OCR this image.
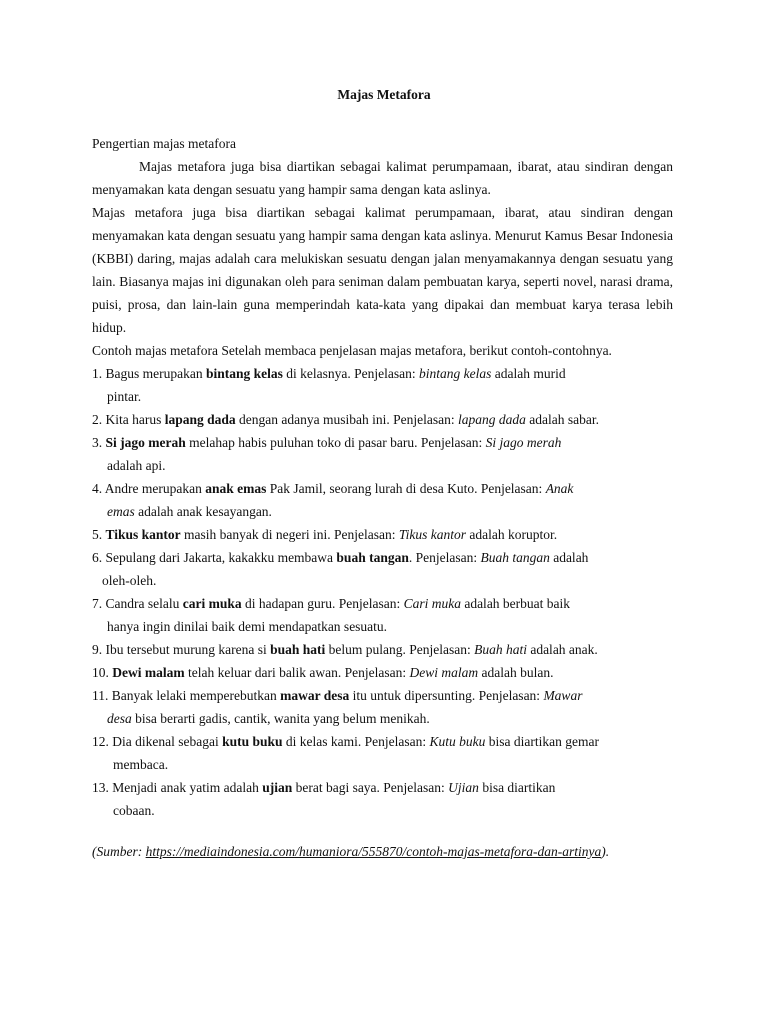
Majas Metafora

Pengertian majas metafora

Majas metafora juga bisa diartikan sebagai kalimat perumpamaan, ibarat, atau sindiran dengan menyamakan kata dengan sesuatu yang hampir sama dengan kata aslinya.

Majas metafora juga bisa diartikan sebagai kalimat perumpamaan, ibarat, atau sindiran dengan menyamakan kata dengan sesuatu yang hampir sama dengan kata aslinya. Menurut Kamus Besar Indonesia (KBBI) daring, majas adalah cara melukiskan sesuatu dengan jalan menyamakannya dengan sesuatu yang lain. Biasanya majas ini digunakan oleh para seniman dalam pembuatan karya, seperti novel, narasi drama, puisi, prosa, dan lain-lain guna memperindah kata-kata yang dipakai dan membuat karya terasa lebih hidup.

Contoh majas metafora Setelah membaca penjelasan majas metafora, berikut contoh-contohnya.

1. Bagus merupakan bintang kelas di kelasnya. Penjelasan: bintang kelas adalah murid

pintar.

2. Kita harus lapang dada dengan adanya musibah ini. Penjelasan: lapang dada adalah sabar.

3. Si jago merah melahap habis puluhan toko di pasar baru. Penjelasan: Si jago merah

adalah api.

4. Andre merupakan anak emas Pak Jamil, seorang lurah di desa Kuto. Penjelasan: Anak

emas adalah anak kesayangan.

5. Tikus kantor masih banyak di negeri ini. Penjelasan: Tikus kantor adalah koruptor.

6. Sepulang dari Jakarta, kakakku membawa buah tangan. Penjelasan: Buah tangan adalah

oleh-oleh.

7. Candra selalu cari muka di hadapan guru. Penjelasan: Cari muka adalah berbuat baik

hanya ingin dinilai baik demi mendapatkan sesuatu.

9. Ibu tersebut murung karena si buah hati belum pulang. Penjelasan: Buah hati adalah anak.

10. Dewi malam telah keluar dari balik awan. Penjelasan: Dewi malam adalah bulan.

11. Banyak lelaki memperebutkan mawar desa itu untuk dipersunting. Penjelasan: Mawar

desa bisa berarti gadis, cantik, wanita yang belum menikah.

12. Dia dikenal sebagai kutu buku di kelas kami. Penjelasan: Kutu buku bisa diartikan gemar

membaca.

13. Menjadi anak yatim adalah ujian berat bagi saya. Penjelasan: Ujian bisa diartikan

cobaan.

(Sumber: https://mediaindonesia.com/humaniora/555870/contoh-majas-metafora-dan-artinya).
